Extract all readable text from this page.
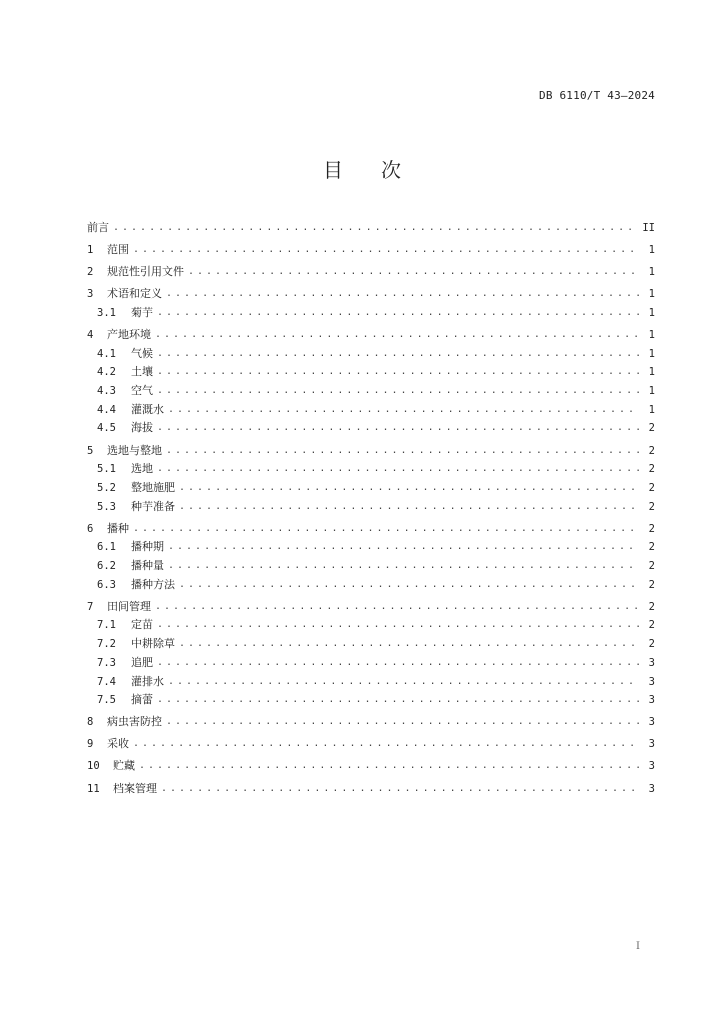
DB 6110/T 43—2024
目 次
前言 .....	II
1	范围 .....	1
2	规范性引用文件 .....	1
3	术语和定义 .....	1
3.1	菊芋 .....	1
4	产地环境 .....	1
4.1	气候 .....	1
4.2	土壤 .....	1
4.3	空气 .....	1
4.4	灌溉水 .....	1
4.5	海拔 .....	2
5	选地与整地 .....	2
5.1	选地 .....	2
5.2	整地施肥 .....	2
5.3	种芋准备 .....	2
6	播种 .....	2
6.1	播种期 .....	2
6.2	播种量 .....	2
6.3	播种方法 .....	2
7	田间管理 .....	2
7.1	定苗 .....	2
7.2	中耕除草 .....	2
7.3	追肥 .....	3
7.4	灌排水 .....	3
7.5	摘蕾 .....	3
8	病虫害防控 .....	3
9	采收 .....	3
10	贮藏 .....	3
11	档案管理 .....	3
I
